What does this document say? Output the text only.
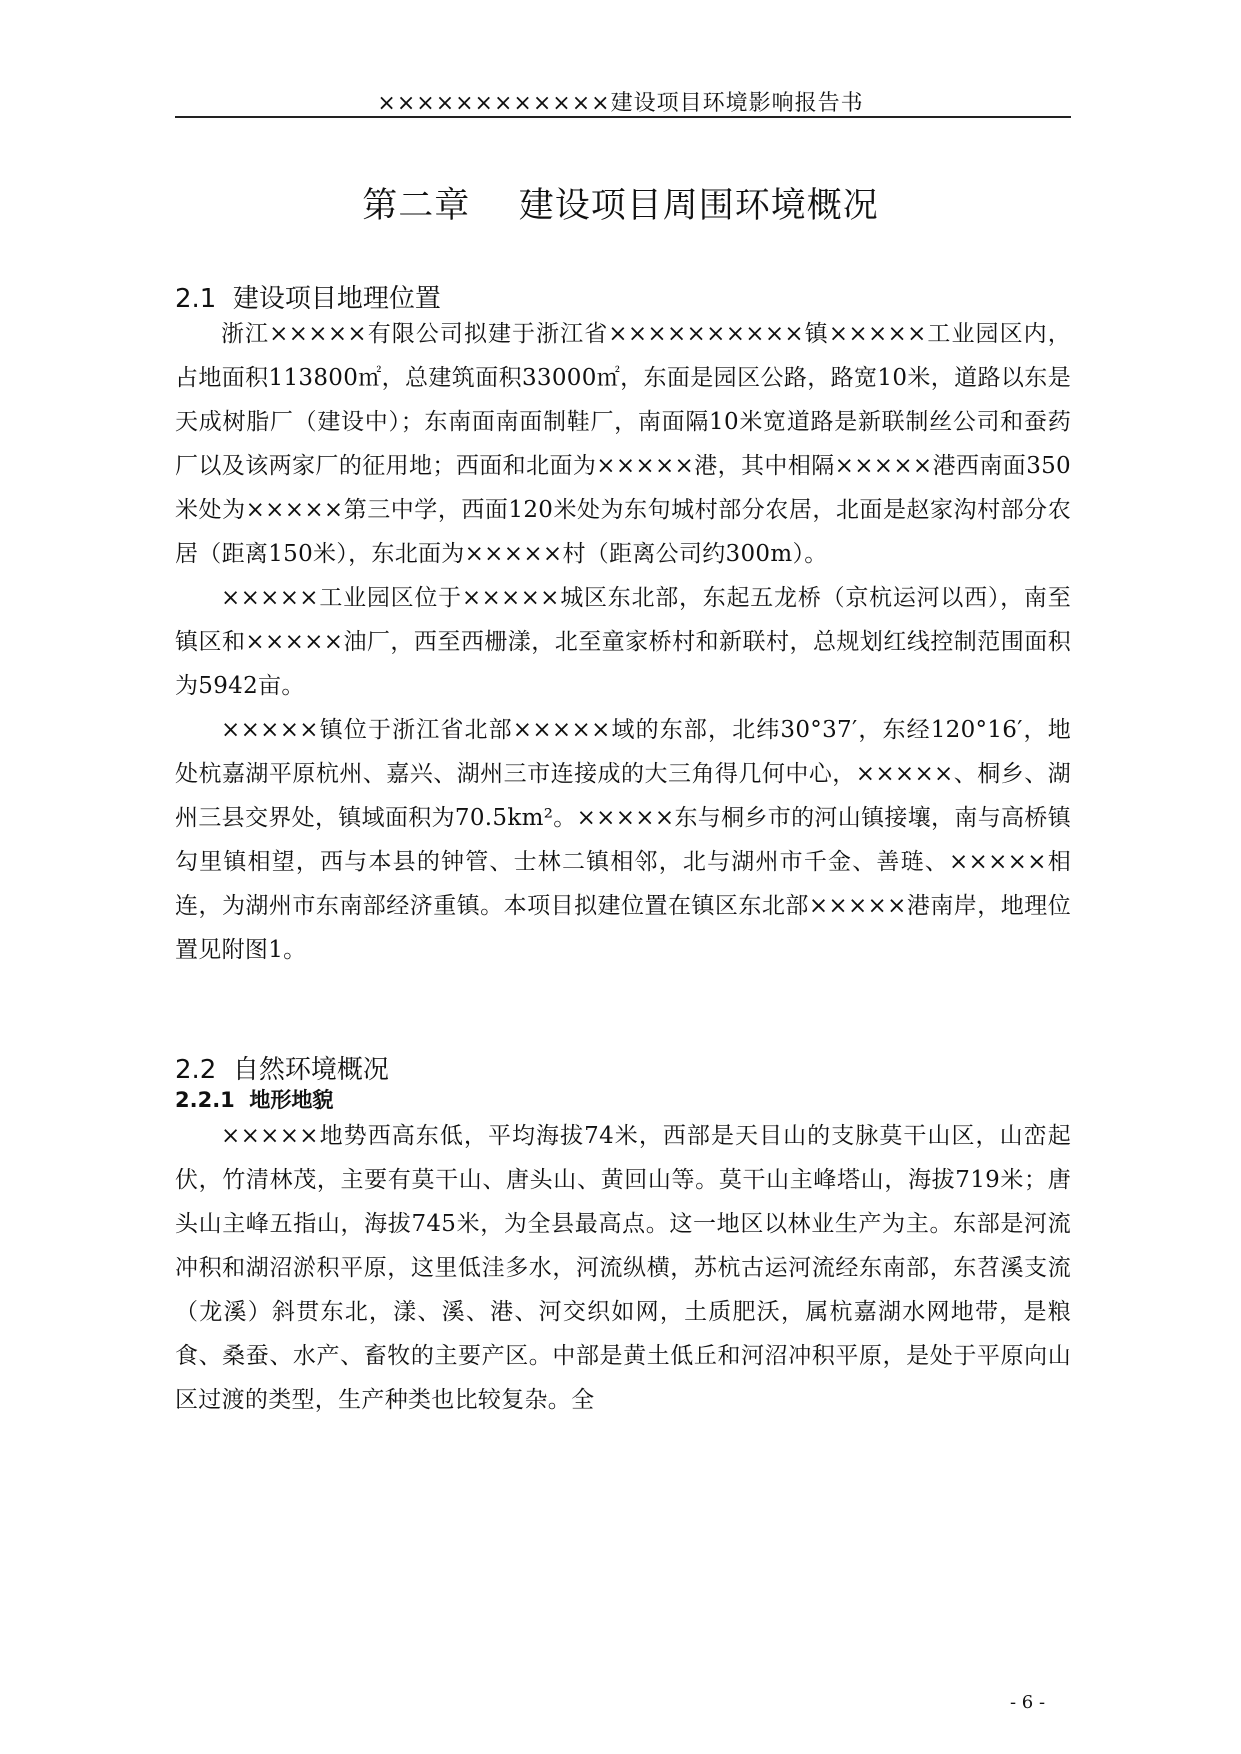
××××××××××××建设项目环境影响报告书
第二章    建设项目周围环境概况
2.1  建设项目地理位置

浙江×××××有限公司拟建于浙江省××××××××××镇×××××工业园区内，占地面积113800㎡，总建筑面积33000㎡，东面是园区公路，路宽10米，道路以东是天成树脂厂（建设中）；东南面南面制鞋厂，南面隔10米宽道路是新联制丝公司和蚕药厂以及该两家厂的征用地；西面和北面为×××××港，其中相隔×××××港西南面350米处为×××××第三中学，西面120米处为东句城村部分农居，北面是赵家沟村部分农居（距离150米），东北面为×××××村（距离公司约300m）。

×××××工业园区位于×××××城区东北部，东起五龙桥（京杭运河以西），南至镇区和×××××油厂，西至西栅漾，北至童家桥村和新联村，总规划红线控制范围面积为5942亩。

×××××镇位于浙江省北部×××××域的东部，北纬30°37′，东经120°16′，地处杭嘉湖平原杭州、嘉兴、湖州三市连接成的大三角得几何中心，×××××、桐乡、湖州三县交界处，镇域面积为70.5km²。×××××东与桐乡市的河山镇接壤，南与高桥镇勾里镇相望，西与本县的钟管、士林二镇相邻，北与湖州市千金、善琏、×××××相连，为湖州市东南部经济重镇。本项目拟建位置在镇区东北部×××××港南岸，地理位置见附图1。

2.2  自然环境概况
2.2.1  地形地貌

×××××地势西高东低，平均海拔74米，西部是天目山的支脉莫干山区，山峦起伏，竹清林茂，主要有莫干山、唐头山、黄回山等。莫干山主峰塔山，海拔719米；唐头山主峰五指山，海拔745米，为全县最高点。这一地区以林业生产为主。东部是河流冲积和湖沼淤积平原，这里低洼多水，河流纵横，苏杭古运河流经东南部，东苕溪支流（龙溪）斜贯东北，漾、溪、港、河交织如网，土质肥沃，属杭嘉湖水网地带，是粮食、桑蚕、水产、畜牧的主要产区。中部是黄土低丘和河沼冲积平原，是处于平原向山区过渡的类型，生产种类也比较复杂。全

- 6 -
